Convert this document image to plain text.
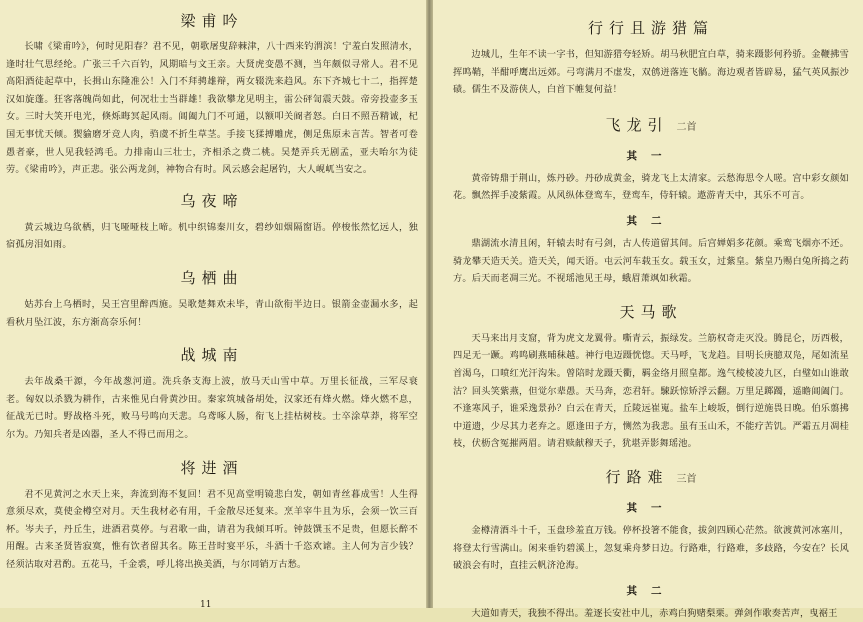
梁甫吟

长啸《梁甫吟》，何时见阳春？君不见，朝歌屠叟辞棘津，八十西来钓渭滨！宁羞白发照清水，逢时壮气思经纶。广张三千六百钓，风期暗与文王亲。大贤虎变愚不测，当年颇似寻常人。君不见高阳酒徒起草中，长揖山东隆准公！入门不拜骋雄辩，两女辍洗来趋风。东下齐城七十二，指挥楚汉如旋蓬。狂客落魄尚如此，何况壮士当群雄！我欲攀龙见明主，雷公砰訇震天鼓。帝旁投壶多玉女。三时大笑开电光，倏烁晦冥起风雨。阊阖九门不可通，以额叩关阍者怒。白日不照吾精诚，杞国无事忧天倾。猰貐磨牙竞人肉，驺虞不折生草茎。手接飞猱搏雕虎，侧足焦原未言苦。智者可卷愚者豪，世人见我轻鸿毛。力排南山三壮士，齐相杀之费二桃。吴楚弄兵无剧孟，亚夫咍尔为徒劳。《梁甫吟》，声正悲。张公两龙剑，神物合有时。风云感会起屠钓，大人岘屼当安之。

乌夜啼

黄云城边乌欲栖，归飞哑哑枝上啼。机中织锦秦川女，碧纱如烟隔窗语。停梭怅然忆远人，独宿孤房泪如雨。

乌栖曲

姑苏台上乌栖时，吴王宫里醉西施。吴歌楚舞欢未毕，青山欲衔半边日。银箭金壶漏水多，起看秋月坠江波，东方渐高奈乐何！

战城南

去年战桑干源，今年战葱河道。洗兵条支海上波，放马天山雪中草。万里长征战，三军尽衰老。匈奴以杀戮为耕作，古来惟见白骨黄沙田。秦家筑城备胡处，汉家还有烽火燃。烽火燃不息，征战无已时。野战格斗死，败马号鸣向天悲。乌鸢啄人肠，衔飞上挂枯树枝。士卒涂草莽，将军空尔为。乃知兵者是凶器，圣人不得已而用之。

将进酒

君不见黄河之水天上来，奔流到海不复回！君不见高堂明镜悲白发，朝如青丝暮成雪！人生得意须尽欢，莫使金樽空对月。天生我材必有用，千金散尽还复来。烹羊宰牛且为乐，会须一饮三百杯。岑夫子，丹丘生，进酒君莫停。与君歌一曲，请君为我倾耳听。钟鼓馔玉不足贵，但愿长醉不用醒。古来圣贤皆寂寞，惟有饮者留其名。陈王昔时宴平乐，斗酒十千恣欢谑。主人何为言少钱？径须沽取对君酌。五花马，千金裘，呼儿将出换美酒，与尔同销万古愁。

11
行行且游猎篇

边城儿，生年不读一字书，但知游猎夸轻矫。胡马秋肥宜白草，骑来蹑影何矜骄。金鞭拂雪挥鸣鞘，半酣呼鹰出远郊。弓弯满月不虚发，双鸧迸落连飞髇。海边观者皆辟易，猛气英风振沙碛。儒生不及游侠人，白首下帷复何益！

飞龙引 二首
其一

黄帝铸鼎于荆山，炼丹砂。丹砂成黄金，骑龙飞上太清家。云愁海思令人嗟。宫中彩女颜如花。飘然挥手凌紫霞。从风纵体登鸾车，登鸾车，侍轩辕。遨游青天中，其乐不可言。

其二

鼎湖流水清且闲，轩辕去时有弓剑，古人传道留其间。后宫婵娟多花颜。乘鸾飞烟亦不还。骑龙攀天造天关。造天关，闻天语。屯云河车载玉女。载玉女，过紫皇。紫皇乃赐白兔所捣之药方。后天而老凋三光。不视瑶池见王母，蛾眉萧飒如秋霜。

天马歌

天马来出月支窟，背为虎文龙翼骨。嘶青云，振绿发。兰筋权奇走灭没。腾昆仑，历西极，四足无一蹶。鸡鸣刷燕晡秣越。神行电迈蹑恍惚。天马呼，飞龙趋。目明长庚臆双凫，尾如流星首渴乌，口喷红光汗沟朱。曾陪时龙蹑天衢，羁金络月照皇都。逸气棱棱凌九区，白璧如山谁敢沽？回头笑紫燕，但觉尔辈愚。天马奔，恋君轩。駷跃惊矫浮云翻。万里足踯躅，遥瞻阊阖门。不逢寒风子，谁采逸景孙？白云在青天，丘陵远崔嵬。盐车上峻坂，倒行逆施畏日晚。伯乐翦拂中道遗，少尽其力老弃之。愿逢田子方，恻然为我悲。虽有玉山禾，不能疗苦饥。严霜五月凋桂枝，伏枥含冤摧两眉。请君赎献穆天子，犹堪弄影舞瑶池。

行路难 三首
其一

金樽清酒斗十千，玉盘珍羞直万钱。停杯投箸不能食，拔剑四顾心茫然。欲渡黄河冰塞川，将登太行雪满山。闲来垂钓碧溪上，忽复乘舟梦日边。行路难，行路难，多歧路，今安在？长风破浪会有时，直挂云帆济沧海。

其二

大道如青天，我独不得出。羞逐长安社中儿，赤鸡白狗赌梨栗。弹剑作歌奏苦声，曳裾王
